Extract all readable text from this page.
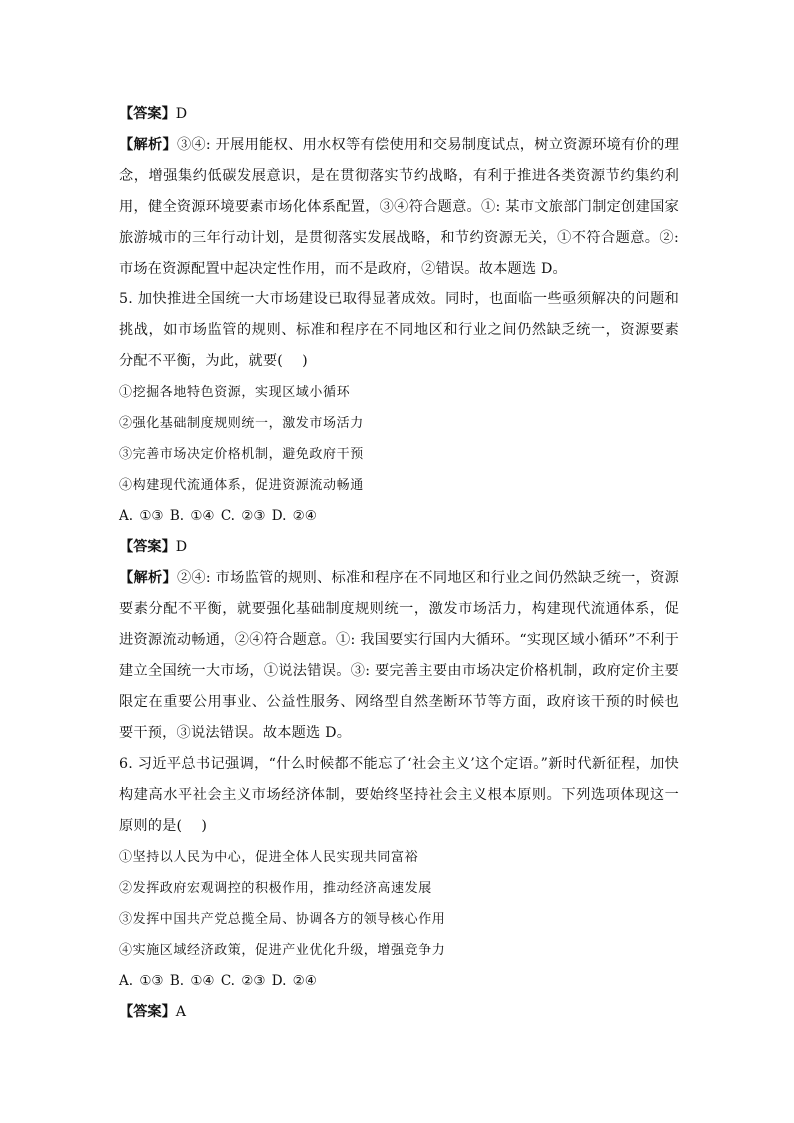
【答案】D

【解析】③④: 开展用能权、用水权等有偿使用和交易制度试点，树立资源环境有价的理念，增强集约低碳发展意识，是在贯彻落实节约战略，有利于推进各类资源节约集约利用，健全资源环境要素市场化体系配置，③④符合题意。①: 某市文旅部门制定创建国家旅游城市的三年行动计划，是贯彻落实发展战略，和节约资源无关，①不符合题意。②: 市场在资源配置中起决定性作用，而不是政府，②错误。故本题选 D。

5. 加快推进全国统一大市场建设已取得显著成效。同时，也面临一些亟须解决的问题和挑战，如市场监管的规则、标准和程序在不同地区和行业之间仍然缺乏统一，资源要素分配不平衡，为此，就要(　 )

①挖掘各地特色资源，实现区域小循环

②强化基础制度规则统一，激发市场活力

③完善市场决定价格机制，避免政府干预

④构建现代流通体系，促进资源流动畅通

A. ①③ B. ①④ C. ②③ D. ②④

【答案】D

【解析】②④: 市场监管的规则、标准和程序在不同地区和行业之间仍然缺乏统一，资源要素分配不平衡，就要强化基础制度规则统一，激发市场活力，构建现代流通体系，促进资源流动畅通，②④符合题意。①: 我国要实行国内大循环。“实现区域小循环”不利于建立全国统一大市场，①说法错误。③: 要完善主要由市场决定价格机制，政府定价主要限定在重要公用事业、公益性服务、网络型自然垄断环节等方面，政府该干预的时候也要干预，③说法错误。故本题选 D。

6. 习近平总书记强调，“什么时候都不能忘了‘社会主义’这个定语。”新时代新征程，加快构建高水平社会主义市场经济体制，要始终坚持社会主义根本原则。下列选项体现这一原则的是(　 )

①坚持以人民为中心，促进全体人民实现共同富裕

②发挥政府宏观调控的积极作用，推动经济高速发展

③发挥中国共产党总揽全局、协调各方的领导核心作用

④实施区域经济政策，促进产业优化升级，增强竞争力

A. ①③ B. ①④ C. ②③ D. ②④

【答案】A
